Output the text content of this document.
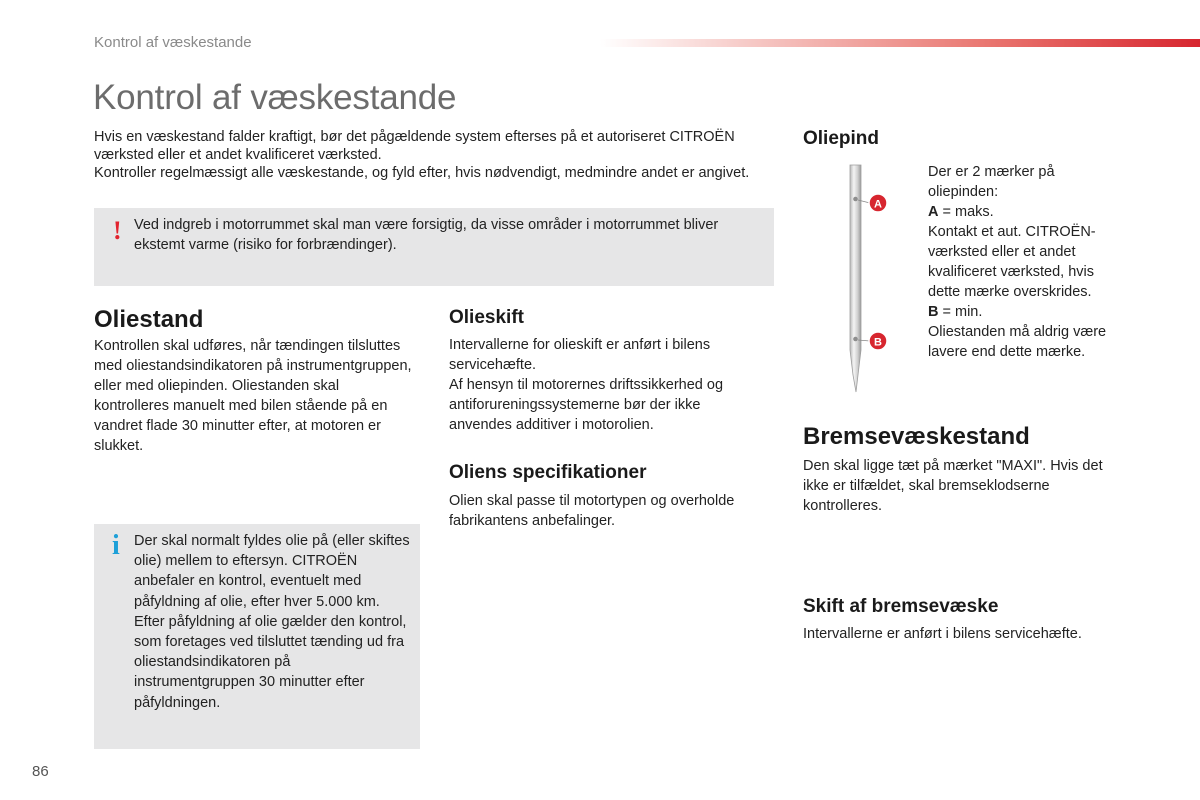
Kontrol af væskestande
Kontrol af væskestande

Hvis en væskestand falder kraftigt, bør det pågældende system efterses på et autoriseret CITROËN værksted eller et andet kvalificeret værksted.

Kontroller regelmæssigt alle væskestande, og fyld efter, hvis nødvendigt, medmindre andet er angivet.

! Ved indgreb i motorrummet skal man være forsigtig, da visse områder i motorrummet bliver ekstemt varme (risiko for forbrændinger).
Oliestand
Kontrollen skal udføres, når tændingen tilsluttes med oliestandsindikatoren på instrumentgruppen, eller med oliepinden. Oliestanden skal kontrolleres manuelt med bilen stående på en vandret flade 30 minutter efter, at motoren er slukket.
i Der skal normalt fyldes olie på (eller skiftes olie) mellem to eftersyn. CITROËN anbefaler en kontrol, eventuelt med påfyldning af olie, efter hver 5.000 km. Efter påfyldning af olie gælder den kontrol, som foretages ved tilsluttet tænding ud fra oliestandsindikatoren på instrumentgruppen 30 minutter efter påfyldningen.
Olieskift
Intervallerne for olieskift er anført i bilens servicehæfte.
Af hensyn til motorernes driftssikkerhed og antiforureningssystemerne bør der ikke anvendes additiver i motorolien.
Oliens specifikationer
Olien skal passe til motortypen og overholde fabrikantens anbefalinger.
Oliepind
A
B
Der er 2 mærker på oliepinden:
A = maks.
Kontakt et aut. CITROËN-værksted eller et andet kvalificeret værksted, hvis dette mærke overskrides.
B = min.
Oliestanden må aldrig være lavere end dette mærke.
Bremsevæskestand
Den skal ligge tæt på mærket "MAXI". Hvis det ikke er tilfældet, skal bremseklodserne kontrolleres.
Skift af bremsevæske
Intervallerne er anført i bilens servicehæfte.
86
